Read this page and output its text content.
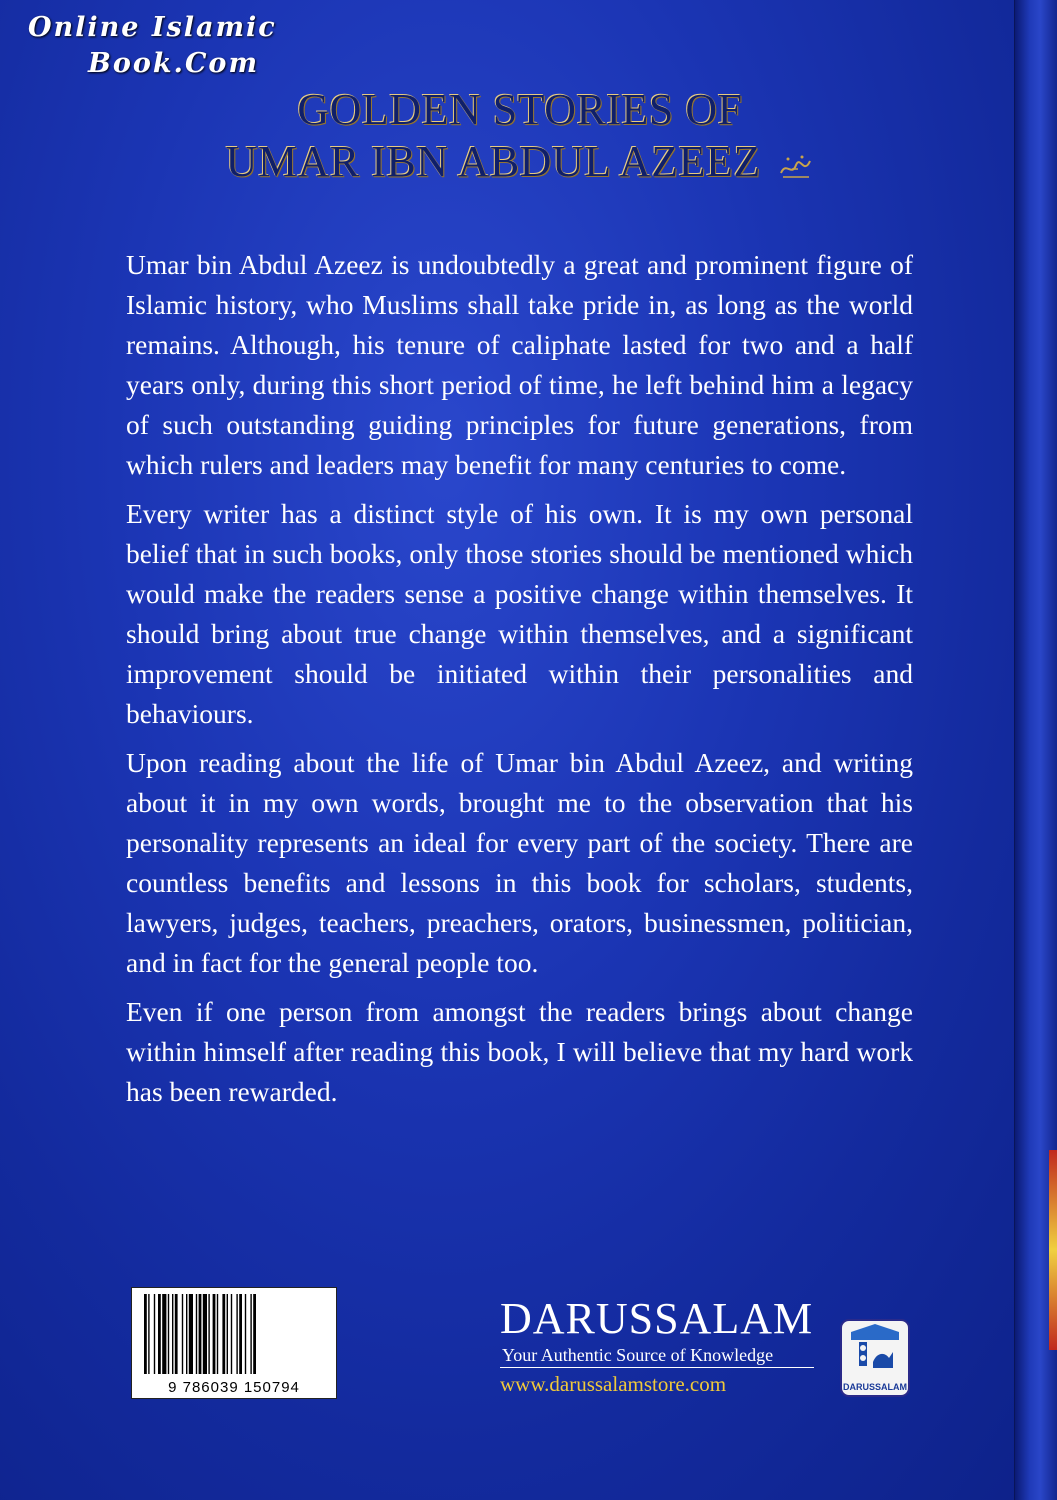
Online Islamic
Book.Com
GOLDEN STORIES OF
UMAR IBN ABDUL AZEEZ

Umar bin Abdul Azeez is undoubtedly a great and prominent figure of Islamic history, who Muslims shall take pride in, as long as the world remains. Although, his tenure of caliphate lasted for two and a half years only, during this short period of time, he left behind him a legacy of such outstanding guiding principles for future generations, from which rulers and leaders may benefit for many centuries to come.

Every writer has a distinct style of his own. It is my own personal belief that in such books, only those stories should be mentioned which would make the readers sense a positive change within themselves. It should bring about true change within themselves, and a significant improvement should be initiated within their personalities and behaviours.

Upon reading about the life of Umar bin Abdul Azeez, and writing about it in my own words, brought me to the observation that his personality represents an ideal for every part of the society. There are countless benefits and lessons in this book for scholars, students, lawyers, judges, teachers, preachers, orators, businessmen, politician, and in fact for the general people too.

Even if one person from amongst the readers brings about change within himself after reading this book, I will believe that my hard work has been rewarded.

9 786039 150794
DARUSSALAM
Your Authentic Source of Knowledge
www.darussalamstore.com	DARUSSALAM
